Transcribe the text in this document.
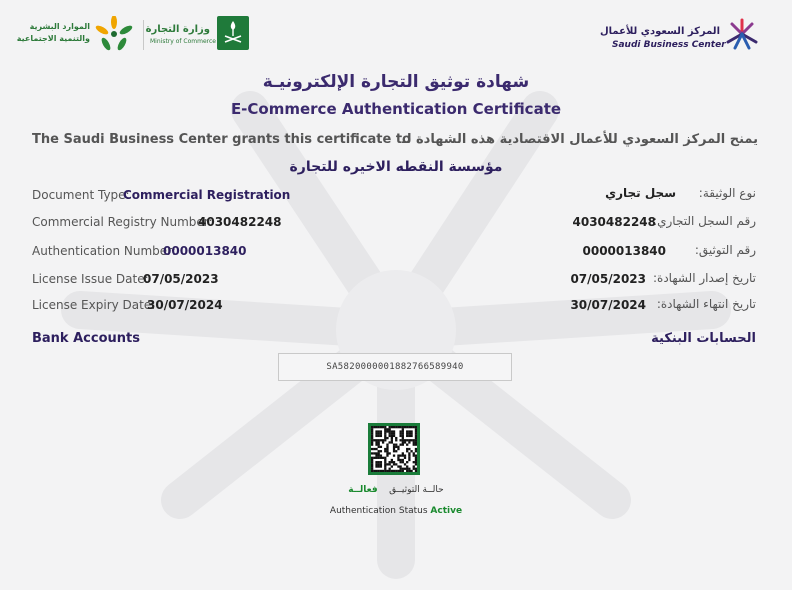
الموارد البشرية
والتنمية الاجتماعية
وزارة التجارة
Ministry of Commerce
المركز السعودي للأعمال
Saudi Business Center
شهادة توثيق التجارة الإلكترونيـة
E-Commerce Authentication Certificate
The Saudi Business Center grants this certificate to
يمنح المركز السعودي للأعمال الاقتصادية هذه الشهادة لـ
مؤسسة النقطه الاخيره للتجارة
Document Type:
Commercial Registration
Commercial Registry Number:
4030482248
Authentication Number:
0000013840
License Issue Date:
07/05/2023
License Expiry Date:
30/07/2024
نوع الوثيقة:
سجل تجاري
رقم السجل التجاري:
4030482248
رقم التوثيق:
0000013840
تاريخ إصدار الشهادة:
07/05/2023
تاريخ انتهاء الشهادة:
30/07/2024
Bank Accounts	الحسابات البنكية
SA5820000001882766589940
حالــة التوثيــق    فعالــة
Authentication Status Active
